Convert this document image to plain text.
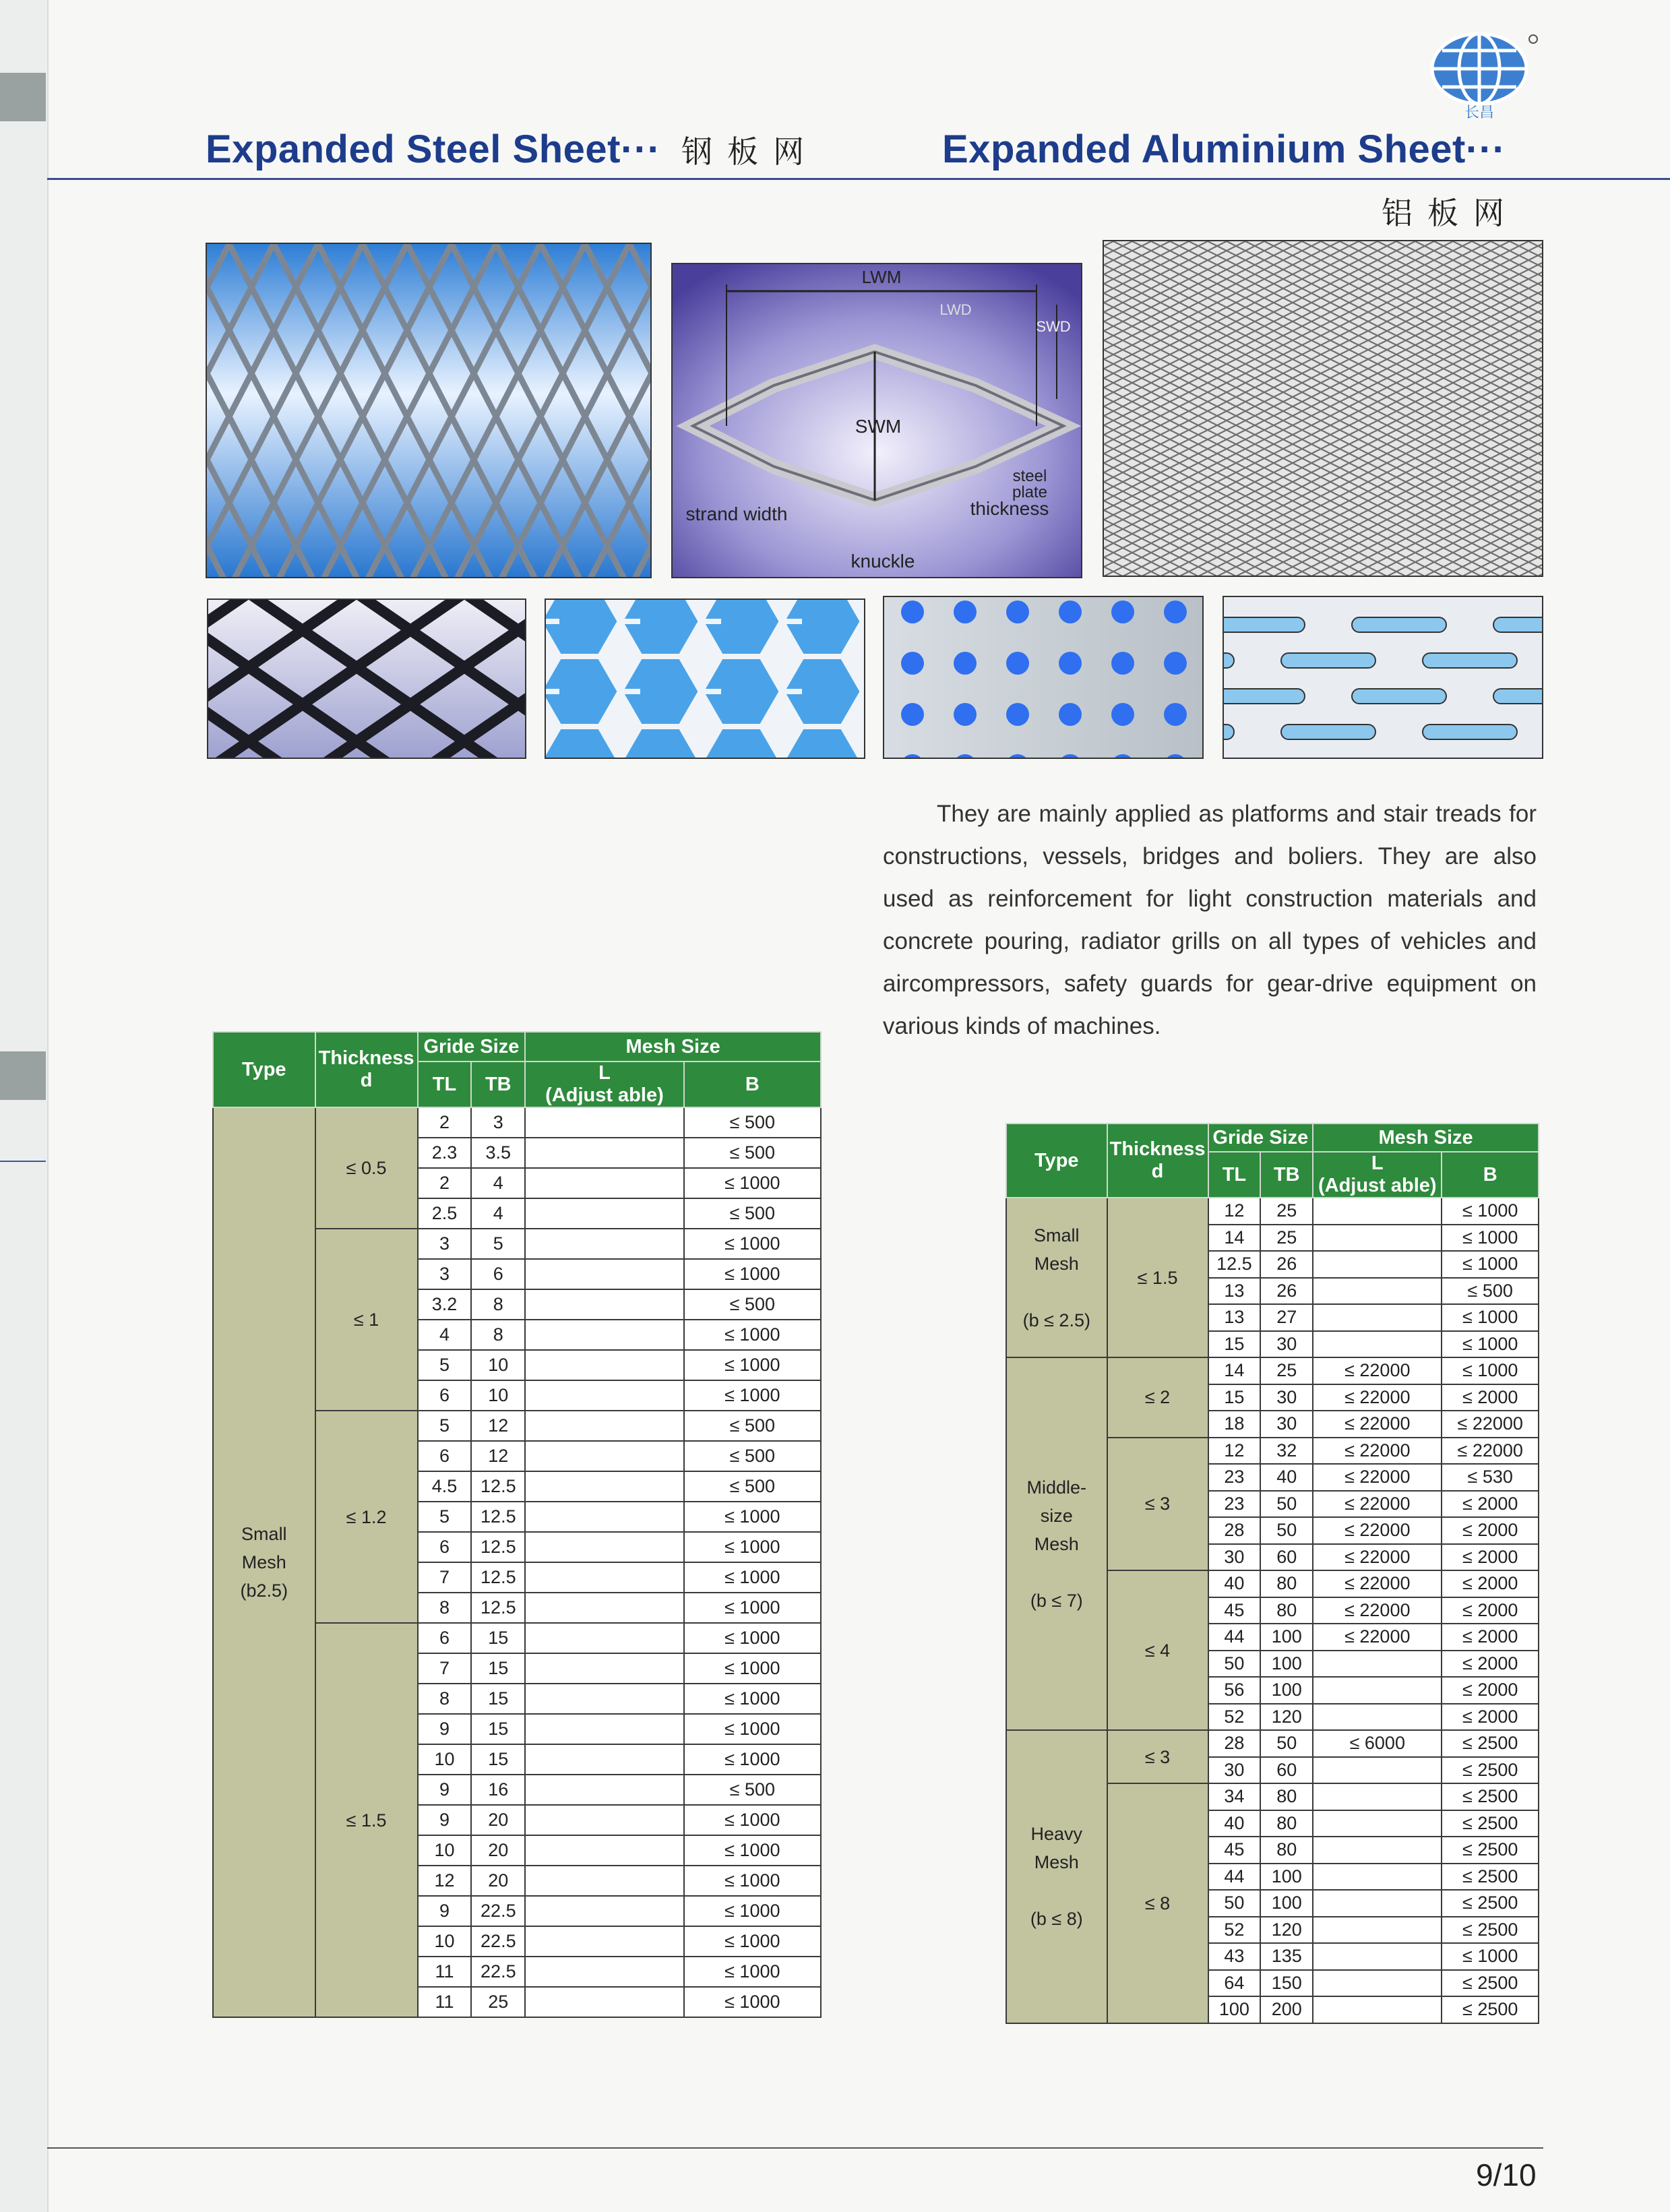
长昌
Expanded Steel Sheet··· 钢板网	Expanded Aluminium Sheet···
铝板网
LWM
LWD
SWD
SWM
steel
plate
thickness
strand width
knuckle
They are mainly applied as platforms and stair treads for constructions, vessels, bridges and boliers. They are also used as reinforcement for light construction materials and concrete pouring, radiator grills on all types of vehicles and aircompressors, safety guards for gear-drive equipment on various kinds of machines.
Type	Thickness
d	Gride Size		Mesh Size	
		TL	TB	L
(Adjust able)	B

Small
Mesh
(b2.5)	≤ 0.5	2	3		≤ 500
		2.3	3.5		≤ 500
		2	4		≤ 1000
		2.5	4		≤ 500
	≤ 1	3	5		≤ 1000
		3	6		≤ 1000
		3.2	8		≤ 500
		4	8		≤ 1000
		5	10		≤ 1000
		6	10		≤ 1000
	≤ 1.2	5	12		≤ 500
		6	12		≤ 500
		4.5	12.5		≤ 500
		5	12.5		≤ 1000
		6	12.5		≤ 1000
		7	12.5		≤ 1000
		8	12.5		≤ 1000
	≤ 1.5	6	15		≤ 1000
		7	15		≤ 1000
		8	15		≤ 1000
		9	15		≤ 1000
		10	15		≤ 1000
		9	16		≤ 500
		9	20		≤ 1000
		10	20		≤ 1000
		12	20		≤ 1000
		9	22.5		≤ 1000
		10	22.5		≤ 1000
		11	22.5		≤ 1000
		11	25		≤ 1000
Type	Thickness
d	Gride Size		Mesh Size	
		TL	TB	L
(Adjust able)	B

Small
Mesh
(b ≤ 2.5)	≤ 1.5	12	25		≤ 1000
		14	25		≤ 1000
		12.5	26		≤ 1000
		13	26		≤ 500
		13	27		≤ 1000
		15	30		≤ 1000

Middle-
size
Mesh
(b ≤ 7)	≤ 2	14	25	≤ 22000	≤ 1000
		15	30	≤ 22000	≤ 2000
		18	30	≤ 22000	≤ 22000
	≤ 3	12	32	≤ 22000	≤ 22000
		23	40	≤ 22000	≤ 530
		23	50	≤ 22000	≤ 2000
		28	50	≤ 22000	≤ 2000
		30	60	≤ 22000	≤ 2000
	≤ 4	40	80	≤ 22000	≤ 2000
		45	80	≤ 22000	≤ 2000
		44	100	≤ 22000	≤ 2000
		50	100		≤ 2000
		56	100		≤ 2000
		52	120		≤ 2000

Heavy
Mesh
(b ≤ 8)	≤ 3	28	50	≤ 6000	≤ 2500
		30	60		≤ 2500
	≤ 8	34	80		≤ 2500
		40	80		≤ 2500
		45	80		≤ 2500
		44	100		≤ 2500
		50	100		≤ 2500
		52	120		≤ 2500
		43	135		≤ 1000
		64	150		≤ 2500
		100	200		≤ 2500
9/10
